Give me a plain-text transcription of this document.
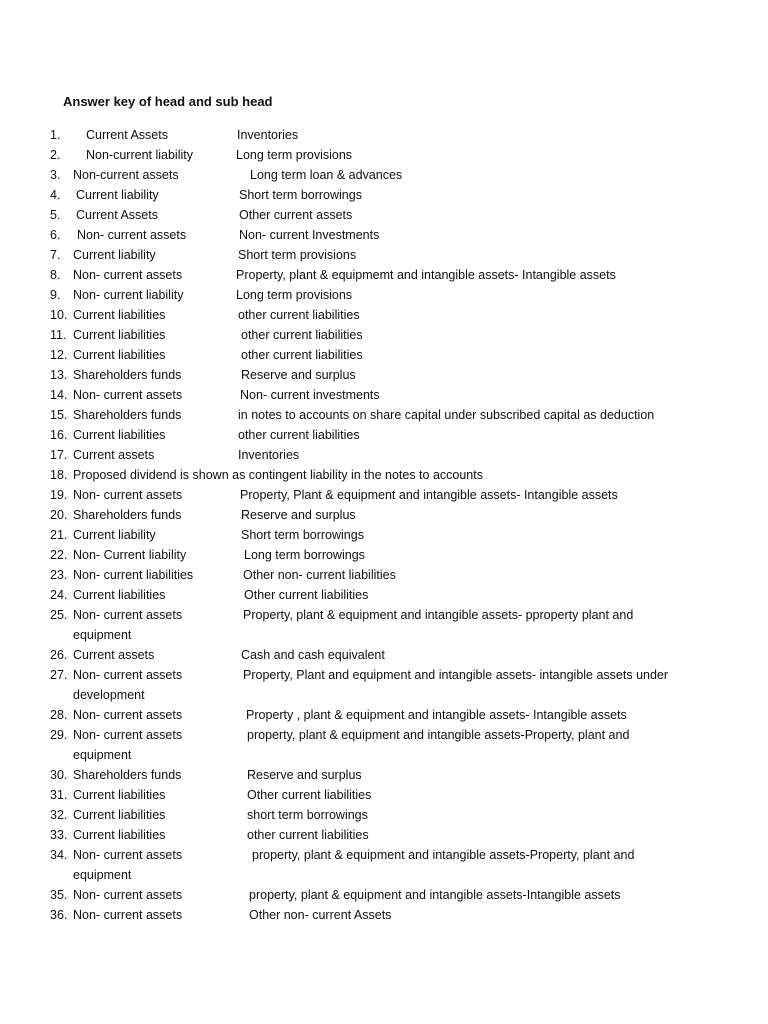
Answer key of head and sub head
1. Current Assets	Inventories
2. Non-current liability	Long term provisions
3. Non-current assets	Long term loan & advances
4. Current liability	Short term borrowings
5. Current Assets	Other current assets
6. Non- current assets	Non- current Investments
7. Current liability	Short term provisions
8. Non- current assets	Property, plant & equipmemt and intangible assets- Intangible assets
9. Non- current liability	Long term provisions
10. Current liabilities	other current liabilities
11. Current liabilities	other current liabilities
12. Current liabilities	other current liabilities
13. Shareholders funds	Reserve and surplus
14. Non- current assets	Non- current investments
15. Shareholders funds	in notes to accounts on share capital under subscribed capital as deduction
16. Current liabilities	other current liabilities
17. Current assets	Inventories
18. Proposed dividend is shown as contingent liability in the notes to accounts
19. Non- current assets	Property, Plant & equipment and intangible assets- Intangible assets
20. Shareholders funds	Reserve and surplus
21. Current liability	Short term borrowings
22. Non- Current liability	Long term borrowings
23. Non- current liabilities	Other non- current liabilities
24. Current liabilities	Other current liabilities
25. Non- current assets	Property, plant & equipment and intangible assets- pproperty plant and
equipment
26. Current assets	Cash and cash equivalent
27. Non- current assets	Property, Plant and equipment and intangible assets- intangible assets under
development
28. Non- current assets	Property , plant & equipment and intangible assets- Intangible assets
29. Non- current assets	property, plant & equipment and intangible assets-Property, plant and
equipment
30. Shareholders funds	Reserve and surplus
31. Current liabilities	Other current liabilities
32. Current liabilities	short term borrowings
33. Current liabilities	other current liabilities
34. Non- current assets	property, plant & equipment and intangible assets-Property, plant and
equipment
35. Non- current assets	property, plant & equipment and intangible assets-Intangible assets
36. Non- current assets	Other non- current Assets
